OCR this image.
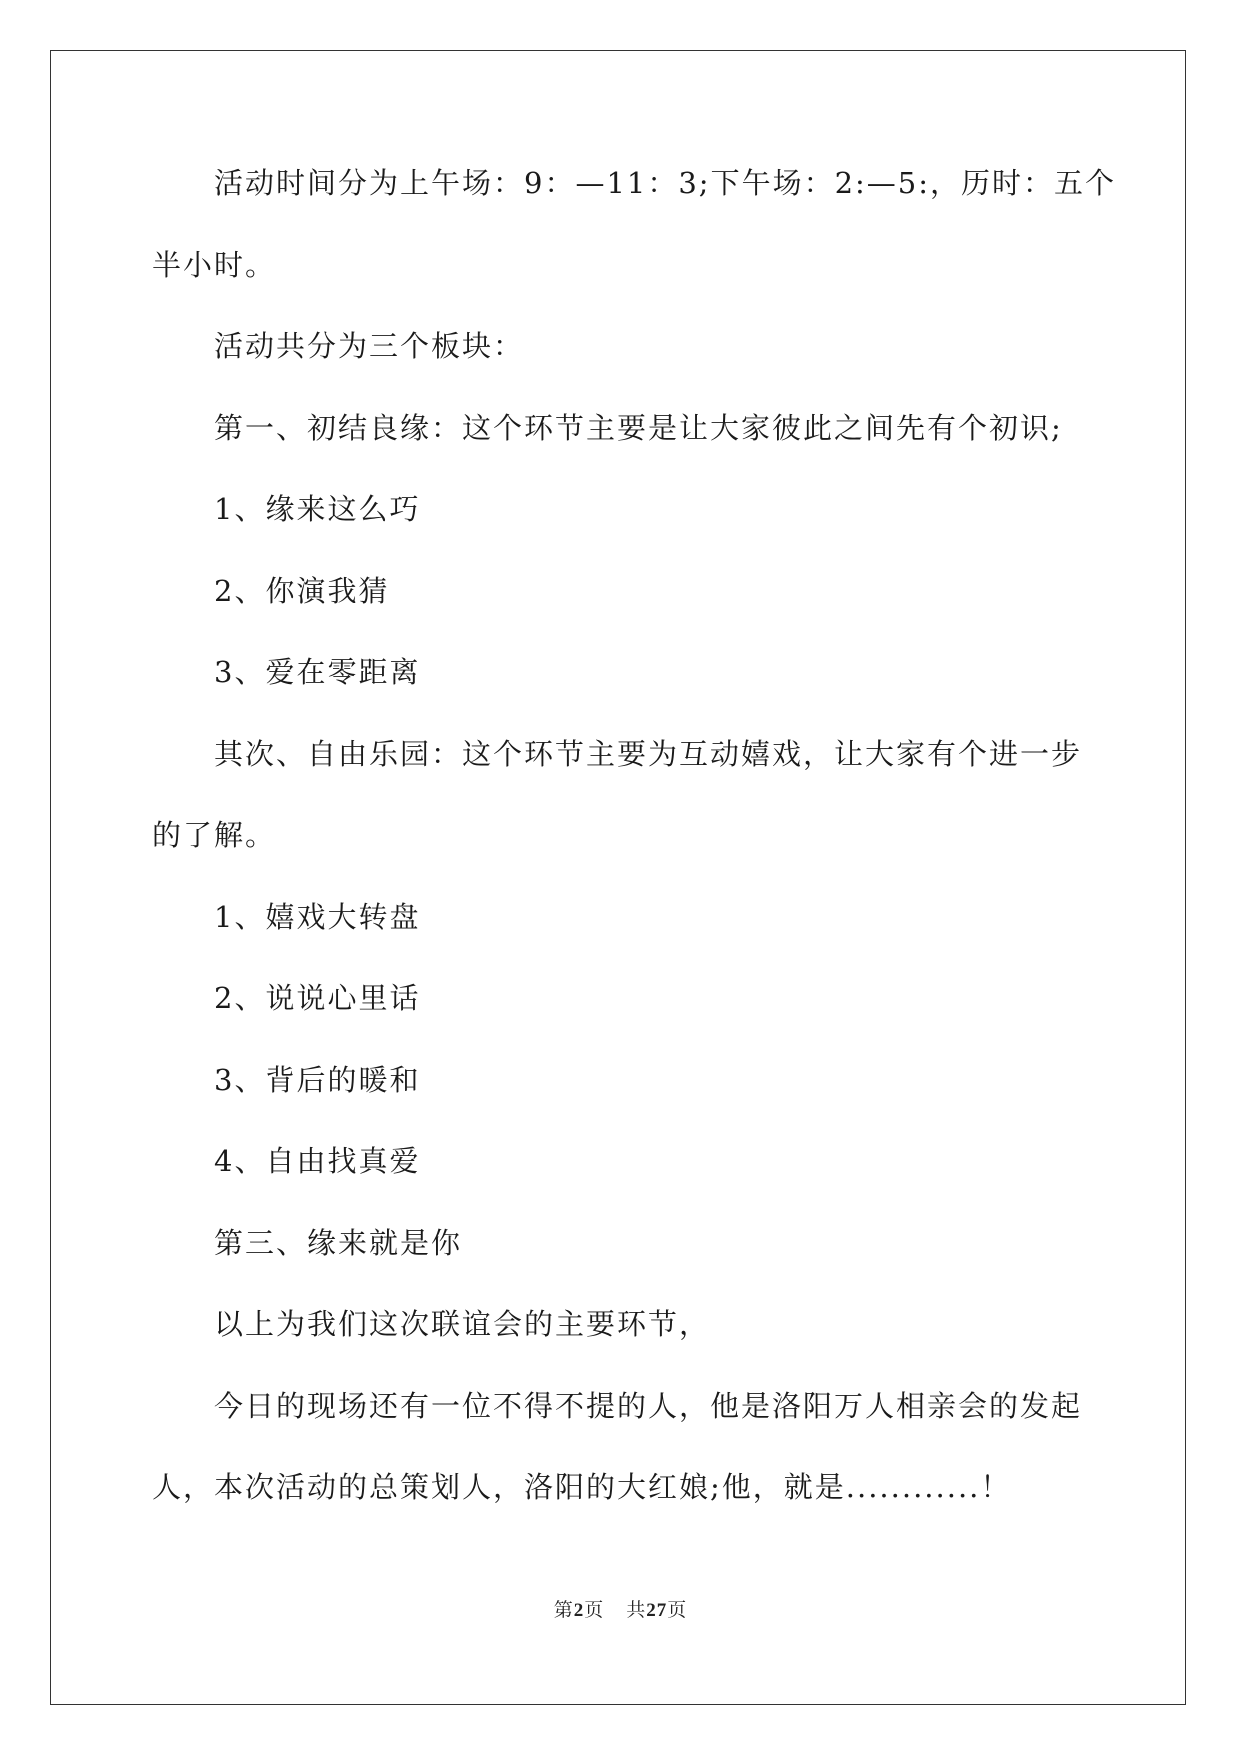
活动时间分为上午场：9：—11：3;下午场：2:—5:，历时：五个
半小时。
活动共分为三个板块：
第一、初结良缘：这个环节主要是让大家彼此之间先有个初识;
1、缘来这么巧
2、你演我猜
3、爱在零距离
其次、自由乐园：这个环节主要为互动嬉戏，让大家有个进一步
的了解。
1、嬉戏大转盘
2、说说心里话
3、背后的暖和
4、自由找真爱
第三、缘来就是你
以上为我们这次联谊会的主要环节，
今日的现场还有一位不得不提的人，他是洛阳万人相亲会的发起
人，本次活动的总策划人，洛阳的大红娘;他，就是............！
第2页 共27页
